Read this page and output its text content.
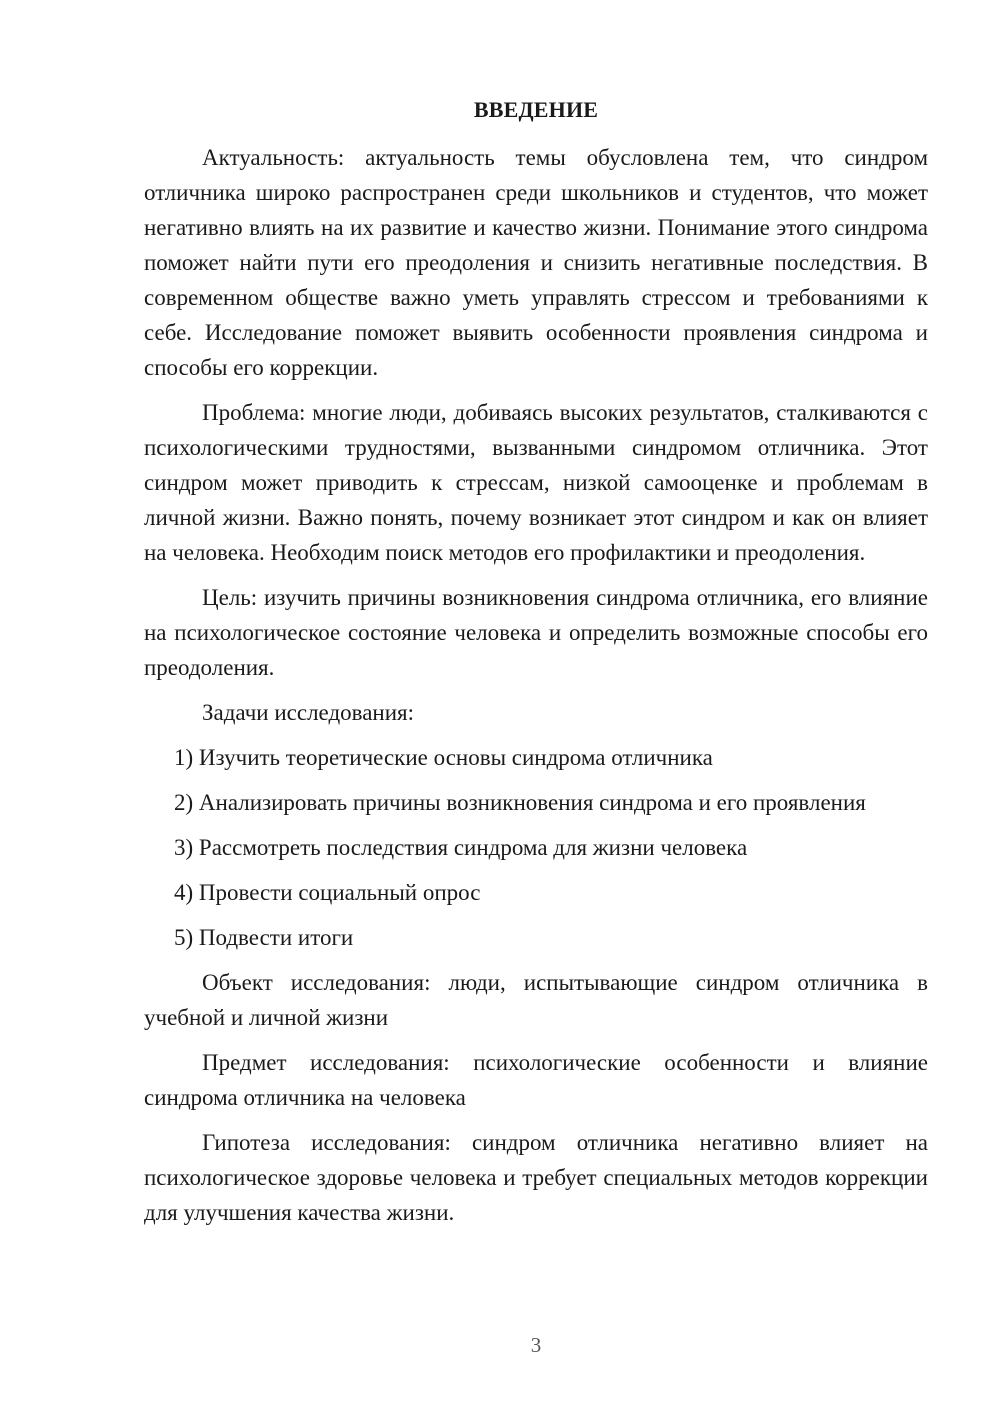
ВВЕДЕНИЕ

Актуальность: актуальность темы обусловлена тем, что синдром отличника широко распространен среди школьников и студентов, что может негативно влиять на их развитие и качество жизни. Понимание этого синдрома поможет найти пути его преодоления и снизить негативные последствия. В современном обществе важно уметь управлять стрессом и требованиями к себе. Исследование поможет выявить особенности проявления синдрома и способы его коррекции.

Проблема: многие люди, добиваясь высоких результатов, сталкиваются с психологическими трудностями, вызванными синдромом отличника. Этот синдром может приводить к стрессам, низкой самооценке и проблемам в личной жизни. Важно понять, почему возникает этот синдром и как он влияет на человека. Необходим поиск методов его профилактики и преодоления.

Цель: изучить причины возникновения синдрома отличника, его влияние на психологическое состояние человека и определить возможные способы его преодоления.

Задачи исследования:

1) Изучить теоретические основы синдрома отличника

2) Анализировать причины возникновения синдрома и его проявления

3) Рассмотреть последствия синдрома для жизни человека

4) Провести социальный опрос

5) Подвести итоги

Объект исследования: люди, испытывающие синдром отличника в учебной и личной жизни

Предмет исследования: психологические особенности и влияние синдрома отличника на человека

Гипотеза исследования: синдром отличника негативно влияет на психологическое здоровье человека и требует специальных методов коррекции для улучшения качества жизни.

3
